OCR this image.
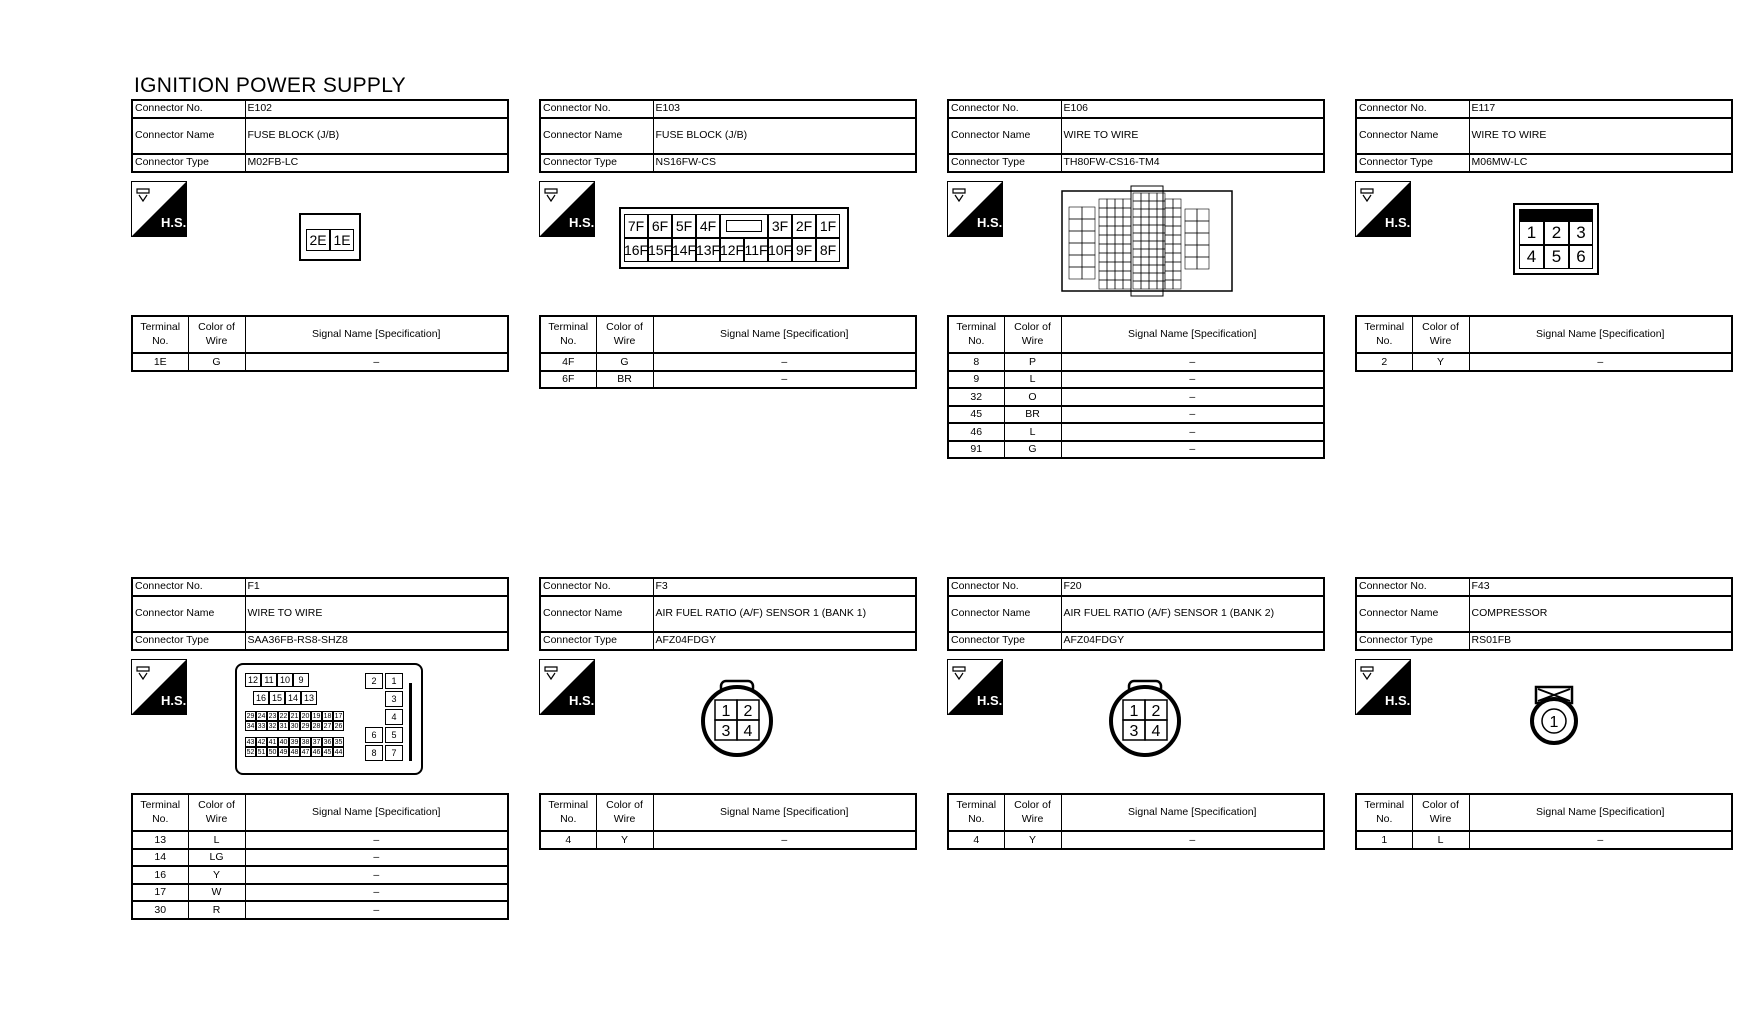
IGNITION POWER SUPPLY
Connector No.	E102
Connector Name	FUSE BLOCK (J/B)
Connector Type	M02FB-LC
H.S.
2E 1E
Terminal No.	Color of Wire	Signal Name [Specification]
1E	G	–
Connector No.	E103
Connector Name	FUSE BLOCK (J/B)
Connector Type	NS16FW-CS
H.S. 7F 6F 5F 4F	3F 2F 1F
16F 15F 14F 13F 12F 11F 10F 9F 8F
Terminal No.	Color of Wire	Signal Name [Specification]
4F	G	–
6F	BR	–
Connector No.	E106
Connector Name	WIRE TO WIRE
Connector Type	TH80FW-CS16-TM4
H.S.
Terminal No.	Color of Wire	Signal Name [Specification]
8	P	–
9	L	–
32	O	–
45	BR	–
46	L	–
91	G	–
Connector No.	E117
Connector Name	WIRE TO WIRE
Connector Type	M06MW-LC
H.S.
1 2 3
4 5 6
Terminal No.	Color of Wire	Signal Name [Specification]
2	Y	–
Connector No.	F1
Connector Name	WIRE TO WIRE
Connector Type	SAA36FB-RS8-SHZ8
H.S.
12 11 10 9
16 15 14 13
29 24 23 22 21 20 19 18 17
34 33 32 31 30 29 28 27 26
43 42 41 40 39 38 37 36 35
52 51 50 49 48 47 46 45 44
2	1
3
4
6	5
8	7
Terminal No.	Color of Wire	Signal Name [Specification]
13	L	–
14	LG	–
16	Y	–
17	W	–
30	R	–
Connector No.	F3
Connector Name	AIR FUEL RATIO (A/F) SENSOR 1 (BANK 1)
Connector Type	AFZ04FDGY
H.S.
1 2
3 4
Terminal No.	Color of Wire	Signal Name [Specification]
4	Y	–
Connector No.	F20
Connector Name	AIR FUEL RATIO (A/F) SENSOR 1 (BANK 2)
Connector Type	AFZ04FDGY
H.S.
1 2
3 4
Terminal No.	Color of Wire	Signal Name [Specification]
4	Y	–
Connector No.	F43
Connector Name	COMPRESSOR
Connector Type	RS01FB
H.S.
1
Terminal No.	Color of Wire	Signal Name [Specification]
1	L	–
